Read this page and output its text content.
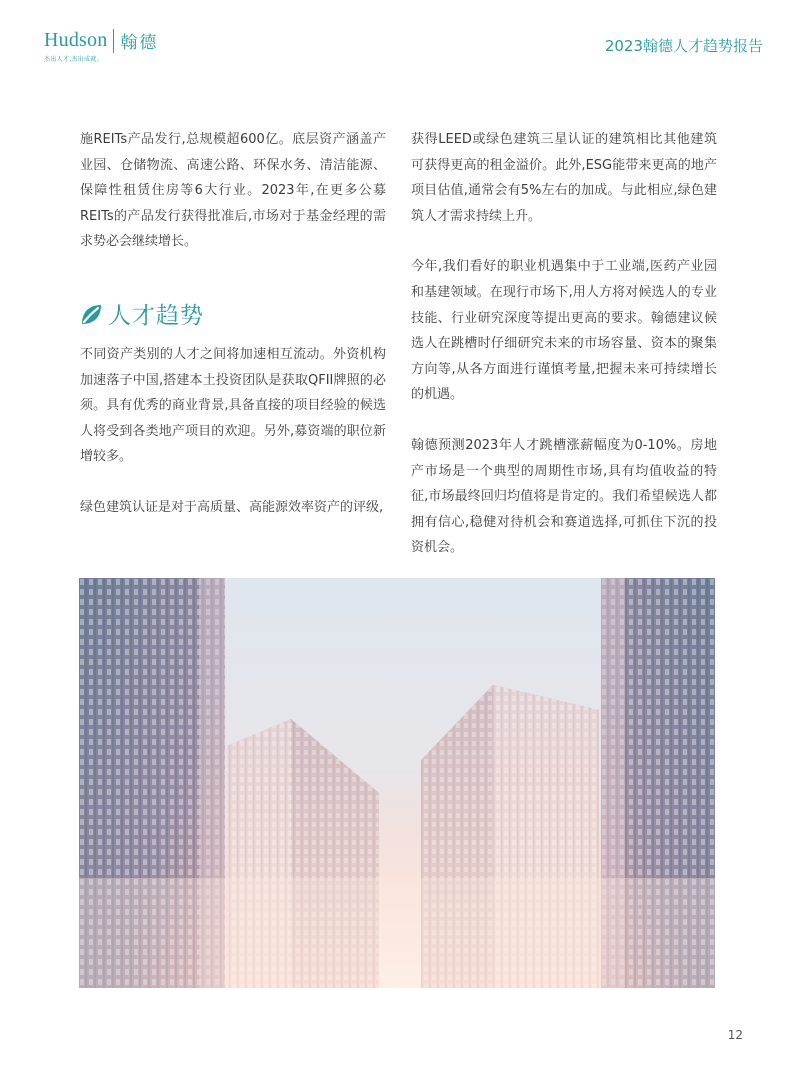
Hudson 翰德
杰出人才,杰出成就。
2023翰德人才趋势报告

施REITs产品发行,总规模超600亿。底层资产涵盖产业园、仓储物流、高速公路、环保水务、清洁能源、保障性租赁住房等6大行业。2023年,在更多公募REITs的产品发行获得批准后,市场对于基金经理的需求势必会继续增长。

人才趋势

不同资产类别的人才之间将加速相互流动。外资机构加速落子中国,搭建本土投资团队是获取QFII牌照的必须。具有优秀的商业背景,具备直接的项目经验的候选人将受到各类地产项目的欢迎。另外,募资端的职位新增较多。

绿色建筑认证是对于高质量、高能源效率资产的评级,

获得LEED或绿色建筑三星认证的建筑相比其他建筑可获得更高的租金溢价。此外,ESG能带来更高的地产项目估值,通常会有5%左右的加成。与此相应,绿色建筑人才需求持续上升。

今年,我们看好的职业机遇集中于工业端,医药产业园和基建领域。在现行市场下,用人方将对候选人的专业技能、行业研究深度等提出更高的要求。翰德建议候选人在跳槽时仔细研究未来的市场容量、资本的聚集方向等,从各方面进行谨慎考量,把握未来可持续增长的机遇。

翰德预测2023年人才跳槽涨薪幅度为0-10%。房地产市场是一个典型的周期性市场,具有均值收益的特征,市场最终回归均值将是肯定的。我们希望候选人都拥有信心,稳健对待机会和赛道选择,可抓住下沉的投资机会。

12
